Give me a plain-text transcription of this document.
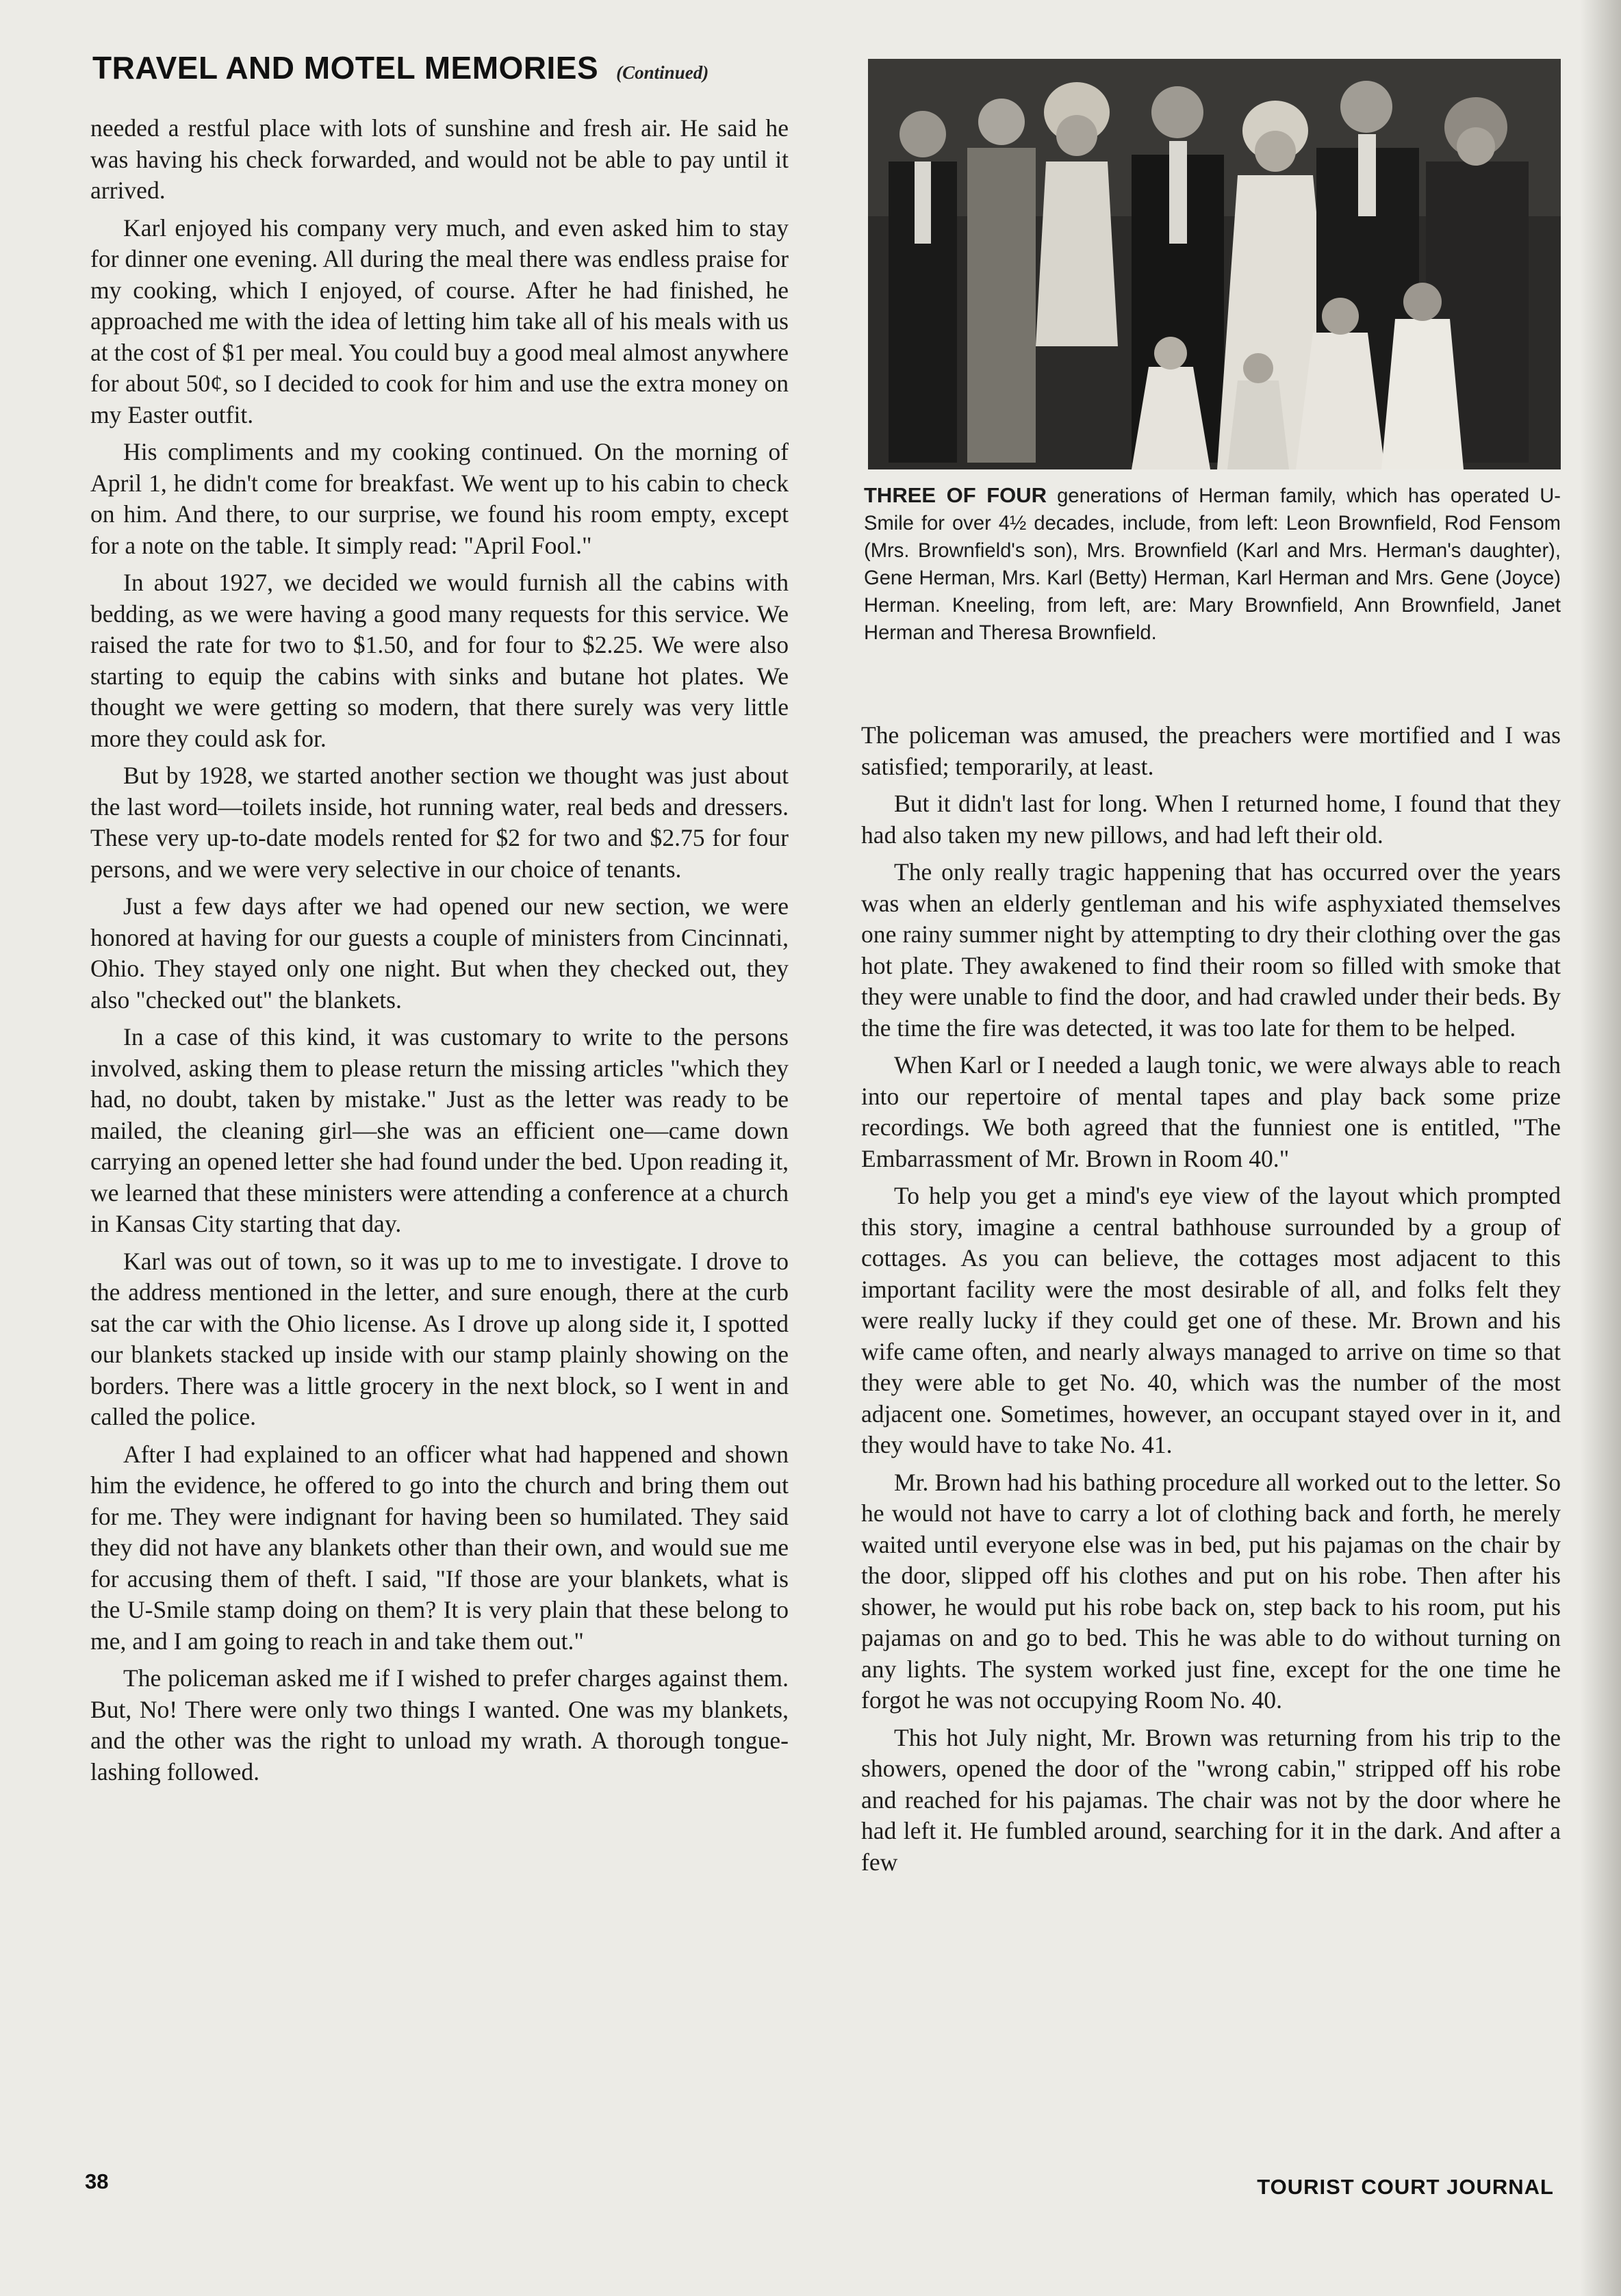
TRAVEL AND MOTEL MEMORIES (Continued)

needed a restful place with lots of sunshine and fresh air. He said he was having his check forwarded, and would not be able to pay until it arrived.

Karl enjoyed his company very much, and even asked him to stay for dinner one evening. All during the meal there was endless praise for my cooking, which I enjoyed, of course. After he had finished, he approached me with the idea of letting him take all of his meals with us at the cost of $1 per meal. You could buy a good meal almost anywhere for about 50¢, so I decided to cook for him and use the extra money on my Easter outfit.

His compliments and my cooking continued. On the morning of April 1, he didn't come for breakfast. We went up to his cabin to check on him. And there, to our surprise, we found his room empty, except for a note on the table. It simply read: "April Fool."

In about 1927, we decided we would furnish all the cabins with bedding, as we were having a good many requests for this service. We raised the rate for two to $1.50, and for four to $2.25. We were also starting to equip the cabins with sinks and butane hot plates. We thought we were getting so modern, that there surely was very little more they could ask for.

But by 1928, we started another section we thought was just about the last word—toilets inside, hot running water, real beds and dressers. These very up-to-date models rented for $2 for two and $2.75 for four persons, and we were very selective in our choice of tenants.

Just a few days after we had opened our new section, we were honored at having for our guests a couple of ministers from Cincinnati, Ohio. They stayed only one night. But when they checked out, they also "checked out" the blankets.

In a case of this kind, it was customary to write to the persons involved, asking them to please return the missing articles "which they had, no doubt, taken by mistake." Just as the letter was ready to be mailed, the cleaning girl—she was an efficient one—came down carrying an opened letter she had found under the bed. Upon reading it, we learned that these ministers were attending a conference at a church in Kansas City starting that day.

Karl was out of town, so it was up to me to investigate. I drove to the address mentioned in the letter, and sure enough, there at the curb sat the car with the Ohio license. As I drove up along side it, I spotted our blankets stacked up inside with our stamp plainly showing on the borders. There was a little grocery in the next block, so I went in and called the police.

After I had explained to an officer what had happened and shown him the evidence, he offered to go into the church and bring them out for me. They were indignant for having been so humilated. They said they did not have any blankets other than their own, and would sue me for accusing them of theft. I said, "If those are your blankets, what is the U-Smile stamp doing on them? It is very plain that these belong to me, and I am going to reach in and take them out."

The policeman asked me if I wished to prefer charges against them. But, No! There were only two things I wanted. One was my blankets, and the other was the right to unload my wrath. A thorough tongue-lashing followed.

THREE OF FOUR generations of Herman family, which has operated U-Smile for over 4½ decades, include, from left: Leon Brownfield, Rod Fensom (Mrs. Brownfield's son), Mrs. Brownfield (Karl and Mrs. Herman's daughter), Gene Herman, Mrs. Karl (Betty) Herman, Karl Herman and Mrs. Gene (Joyce) Herman. Kneeling, from left, are: Mary Brownfield, Ann Brownfield, Janet Herman and Theresa Brownfield.

The policeman was amused, the preachers were mortified and I was satisfied; temporarily, at least.

But it didn't last for long. When I returned home, I found that they had also taken my new pillows, and had left their old.

The only really tragic happening that has occurred over the years was when an elderly gentleman and his wife asphyxiated themselves one rainy summer night by attempting to dry their clothing over the gas hot plate. They awakened to find their room so filled with smoke that they were unable to find the door, and had crawled under their beds. By the time the fire was detected, it was too late for them to be helped.

When Karl or I needed a laugh tonic, we were always able to reach into our repertoire of mental tapes and play back some prize recordings. We both agreed that the funniest one is entitled, "The Embarrassment of Mr. Brown in Room 40."

To help you get a mind's eye view of the layout which prompted this story, imagine a central bathhouse surrounded by a group of cottages. As you can believe, the cottages most adjacent to this important facility were the most desirable of all, and folks felt they were really lucky if they could get one of these. Mr. Brown and his wife came often, and nearly always managed to arrive on time so that they were able to get No. 40, which was the number of the most adjacent one. Sometimes, however, an occupant stayed over in it, and they would have to take No. 41.

Mr. Brown had his bathing procedure all worked out to the letter. So he would not have to carry a lot of clothing back and forth, he merely waited until everyone else was in bed, put his pajamas on the chair by the door, slipped off his clothes and put on his robe. Then after his shower, he would put his robe back on, step back to his room, put his pajamas on and go to bed. This he was able to do without turning on any lights. The system worked just fine, except for the one time he forgot he was not occupying Room No. 40.

This hot July night, Mr. Brown was returning from his trip to the showers, opened the door of the "wrong cabin," stripped off his robe and reached for his pajamas. The chair was not by the door where he had left it. He fumbled around, searching for it in the dark. And after a few

38	TOURIST COURT JOURNAL
